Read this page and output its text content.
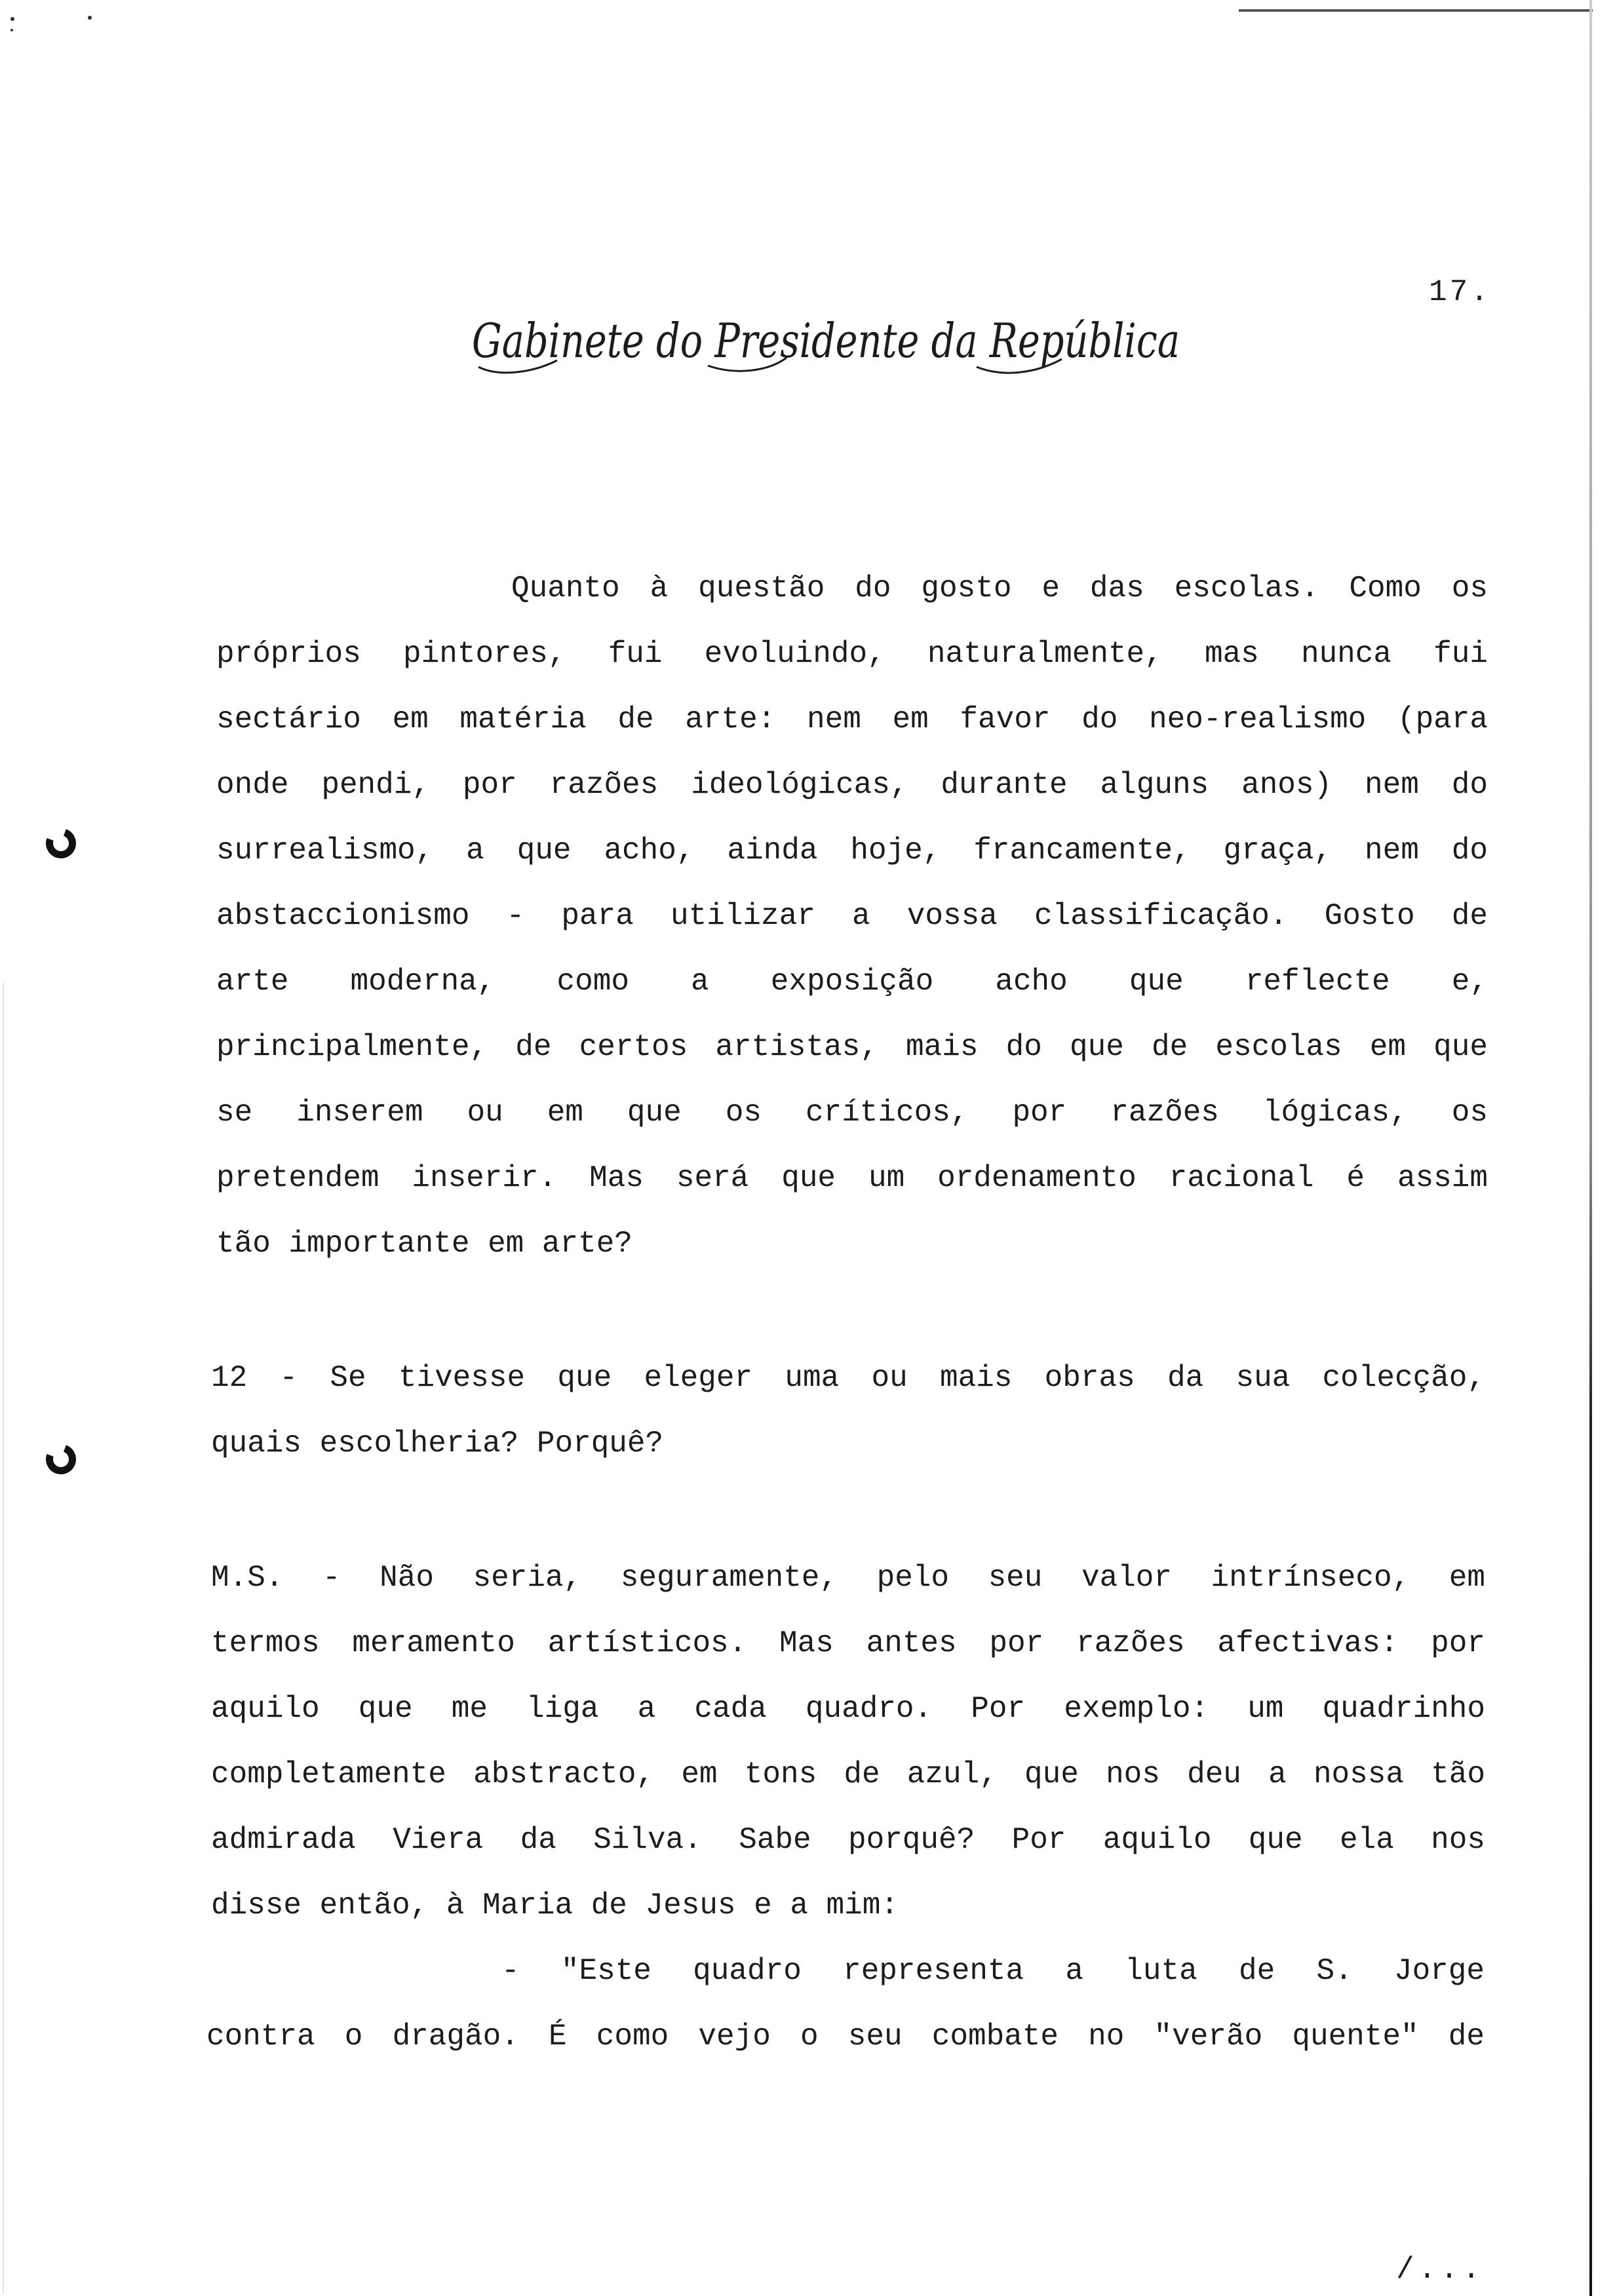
17.
Gabinete do Presidente da República
Quanto à questão do gosto e das escolas. Como os
próprios pintores, fui evoluindo, naturalmente, mas nunca fui
sectário em matéria de arte: nem em favor do neo-realismo (para
onde pendi, por razões ideológicas, durante alguns anos) nem do
surrealismo, a que acho, ainda hoje, francamente, graça, nem do
abstaccionismo - para utilizar a vossa classificação. Gosto de
arte moderna, como a exposição acho que reflecte e,
principalmente, de certos artistas, mais do que de escolas em que
se inserem ou em que os críticos, por razões lógicas, os
pretendem inserir. Mas será que um ordenamento racional é assim
tão importante em arte?
12 - Se tivesse que eleger uma ou mais obras da sua colecção,
quais escolheria? Porquê?
M.S. - Não seria, seguramente, pelo seu valor intrínseco, em
termos meramento artísticos. Mas antes por razões afectivas: por
aquilo que me liga a cada quadro. Por exemplo: um quadrinho
completamente abstracto, em tons de azul, que nos deu a nossa tão
admirada Viera da Silva. Sabe porquê? Por aquilo que ela nos
disse então, à Maria de Jesus e a mim:
- "Este quadro representa a luta de S. Jorge
contra o dragão. É como vejo o seu combate no "verão quente" de
/...
